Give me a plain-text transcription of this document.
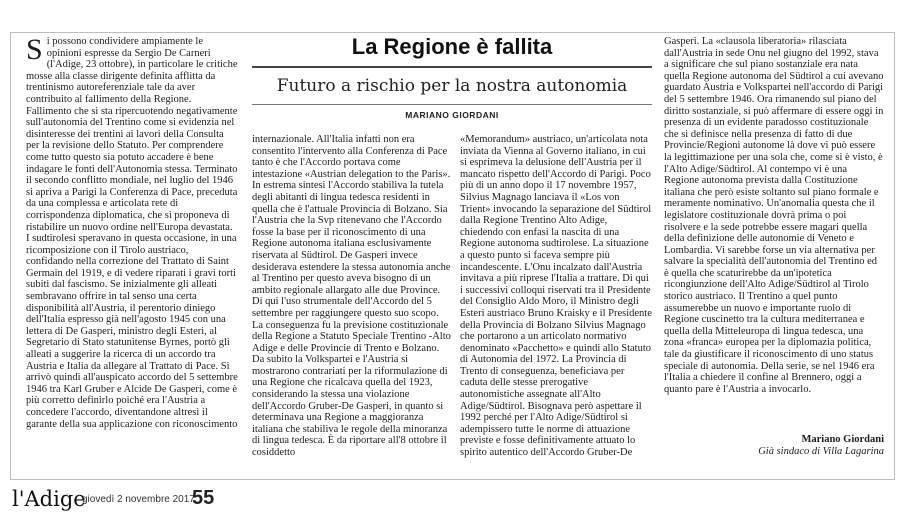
S i possono condividere ampiamente le opinioni espresse da Sergio De Carneri (l'Adige, 23 ottobre), in particolare le critiche mosse alla classe dirigente definita afflitta da trentinismo autoreferenziale tale da aver contribuito al fallimento della Regione. Fallimento che si sta ripercuotendo negativamente sull'autonomia del Trentino come si evidenzia nel disinteresse dei trentini ai lavori della Consulta per la revisione dello Statuto. Per comprendere come tutto questo sia potuto accadere è bene indagare le fonti dell'Autonomia stessa. Terminato il secondo conflitto mondiale, nel luglio del 1946 si apriva a Parigi la Conferenza di Pace, preceduta da una complessa e articolata rete di corrispondenza diplomatica, che si proponeva di ristabilire un nuovo ordine nell'Europa devastata. I sudtirolesi speravano in questa occasione, in una ricomposizione con il Tirolo austriaco, confidando nella correzione del Trattato di Saint Germain del 1919, e di vedere riparati i gravi torti subiti dal fascismo. Se inizialmente gli alleati sembravano offrire in tal senso una certa disponibilità all'Austria, il perentorio diniego dell'Italia espresso già nell'agosto 1945 con una lettera di De Gasperi, ministro degli Esteri, al Segretario di Stato statunitense Byrnes, portò gli alleati a suggerire la ricerca di un accordo tra Austria e Italia da allegare al Trattato di Pace. Si arrivò quindi all'auspicato accordo del 5 settembre 1946 tra Karl Gruber e Alcide De Gasperi, come è più corretto definirlo poiché era l'Austria a concedere l'accordo, diventandone altresì il garante della sua applicazione con riconoscimento
La Regione è fallita
Futuro a rischio per la nostra autonomia
MARIANO GIORDANI

internazionale. All'Italia infatti non era consentito l'intervento alla Conferenza di Pace tanto è che l'Accordo portava come intestazione «Austrian delegation to the Paris». In estrema sintesi l'Accordo stabiliva la tutela degli abitanti di lingua tedesca residenti in quella che è l'attuale Provincia di Bolzano. Sia l'Austria che la Svp ritenevano che l'Accordo fosse la base per il riconoscimento di una Regione autonoma italiana esclusivamente riservata al Südtirol. De Gasperi invece desiderava estendere la stessa autonomia anche al Trentino per questo aveva bisogno di un ambito regionale allargato alle due Province. Di qui l'uso strumentale dell'Accordo del 5 settembre per raggiungere questo suo scopo. La conseguenza fu la previsione costituzionale della Regione a Statuto Speciale Trentino -Alto Adige e delle Provincie di Trento e Bolzano. Da subito la Volkspartei e l'Austria si mostrarono contrariati per la riformulazione di una Regione che ricalcava quella del 1923, considerando la stessa una violazione dell'Accordo Gruber-De Gasperi, in quanto si determinava una Regione a maggioranza italiana che stabiliva le regole della minoranza di lingua tedesca. È da riportare all'8 ottobre il cosiddetto

«Memorandum» austriaco, un'articolata nota inviata da Vienna al Governo italiano, in cui si esprimeva la delusione dell'Austria per il mancato rispetto dell'Accordo di Parigi. Poco più di un anno dopo il 17 novembre 1957, Silvius Magnago lanciava il «Los von Trient» invocando la separazione del Südtirol dalla Regione Trentino Alto Adige, chiedendo con enfasi la nascita di una Regione autonoma sudtirolese. La situazione a questo punto si faceva sempre più incandescente. L'Onu incalzato dall'Austria invitava a più riprese l'Italia a trattare. Di qui i successivi colloqui riservati tra il Presidente del Consiglio Aldo Moro, il Ministro degli Esteri austriaco Bruno Kraisky e il Presidente della Provincia di Bolzano Silvius Magnago che portarono a un articolato normativo denominato «Pacchetto» e quindi allo Statuto di Autonomia del 1972. La Provincia di Trento di conseguenza, beneficiava per caduta delle stesse prerogative autonomistiche assegnate all'Alto Adige/Südtirol. Bisognava però aspettare il 1992 perché per l'Alto Adige/Südtirol si adempissero tutte le norme di attuazione previste e fosse definitivamente attuato lo spirito autentico dell'Accordo Gruber-De

Gasperi. La «clausola liberatoria» rilasciata dall'Austria in sede Onu nel giugno del 1992, stava a significare che sul piano sostanziale era nata quella Regione autonoma del Südtirol a cui avevano guardato Austria e Volkspartei nell'accordo di Parigi del 5 settembre 1946. Ora rimanendo sul piano del diritto sostanziale, si può affermare di essere oggi in presenza di un evidente paradosso costituzionale che si definisce nella presenza di fatto di due Provincie/Regioni autonome là dove vi può essere la legittimazione per una sola che, come si è visto, è l'Alto Adige/Südtirol. Al contempo vi è una Regione autonoma prevista dalla Costituzione italiana che però esiste soltanto sul piano formale e meramente nominativo. Un'anomalia questa che il legislatore costituzionale dovrà prima o poi risolvere e la sede potrebbe essere magari quella della definizione delle autonomie di Veneto e Lombardia. Vi sarebbe forse un via alternativa per salvare la specialità dell'autonomia del Trentino ed è quella che scaturirebbe da un'ipotetica ricongiunzione dell'Alto Adige/Südtirol al Tirolo storico austriaco. Il Trentino a quel punto assumerebbe un nuovo e importante ruolo di Regione cuscinetto tra la cultura mediterranea e quella della Mitteleuropa di lingua tedesca, una zona «franca» europea per la diplomazia politica, tale da giustificare il riconoscimento di uno status speciale di autonomia. Della serie, se nel 1946 era l'Italia a chiedere il confine al Brennero, oggi a quanto pare è l'Austria a invocarlo.

Mariano Giordani
Già sindaco di Villa Lagarina
l'Adige
giovedì 2 novembre 2017
55
